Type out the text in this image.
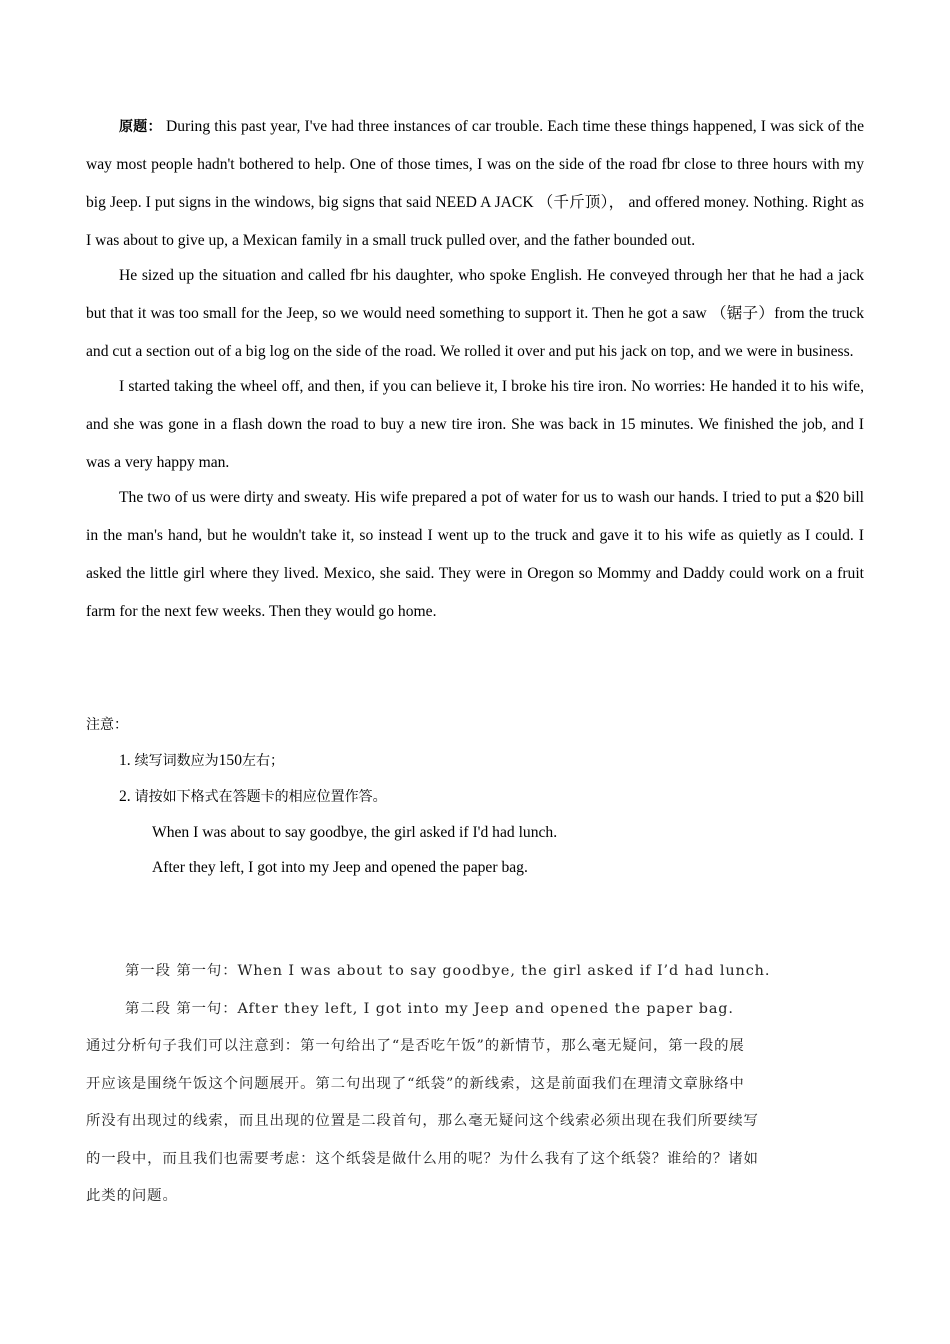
原题： During this past year, I've had three instances of car trouble. Each time these things happened, I was sick of the way most people hadn't bothered to help. One of those times, I was on the side of the road fbr close to three hours with my big Jeep. I put signs in the windows, big signs that said NEED A JACK （千斤顶）， and offered money. Nothing. Right as I was about to give up, a Mexican family in a small truck pulled over, and the father bounded out.

He sized up the situation and called fbr his daughter, who spoke English. He conveyed through her that he had a jack but that it was too small for the Jeep, so we would need something to support it. Then he got a saw （锯子）from the truck and cut a section out of a big log on the side of the road. We rolled it over and put his jack on top, and we were in business.

I started taking the wheel off, and then, if you can believe it, I broke his tire iron. No worries: He handed it to his wife, and she was gone in a flash down the road to buy a new tire iron. She was back in 15 minutes. We finished the job, and I was a very happy man.

The two of us were dirty and sweaty. His wife prepared a pot of water for us to wash our hands. I tried to put a $20 bill in the man's hand, but he wouldn't take it, so instead I went up to the truck and gave it to his wife as quietly as I could. I asked the little girl where they lived. Mexico, she said. They were in Oregon so Mommy and Daddy could work on a fruit farm for the next few weeks. Then they would go home.

注意：
1. 续写词数应为150左右；
2. 请按如下格式在答题卡的相应位置作答。
When I was about to say goodbye, the girl asked if I'd had lunch.
After they left, I got into my Jeep and opened the paper bag.
第一段 第一句：When I was about to say goodbye, the girl asked if I’d had lunch.
第二段 第一句：After they left, I got into my Jeep and opened the paper bag.
通过分析句子我们可以注意到：第一句给出了“是否吃午饭”的新情节，那么毫无疑问，第一段的展
开应该是围绕午饭这个问题展开。第二句出现了“纸袋”的新线索，这是前面我们在理清文章脉络中
所没有出现过的线索，而且出现的位置是二段首句，那么毫无疑问这个线索必须出现在我们所要续写
的一段中，而且我们也需要考虑：这个纸袋是做什么用的呢？为什么我有了这个纸袋？谁给的？诸如
此类的问题。
